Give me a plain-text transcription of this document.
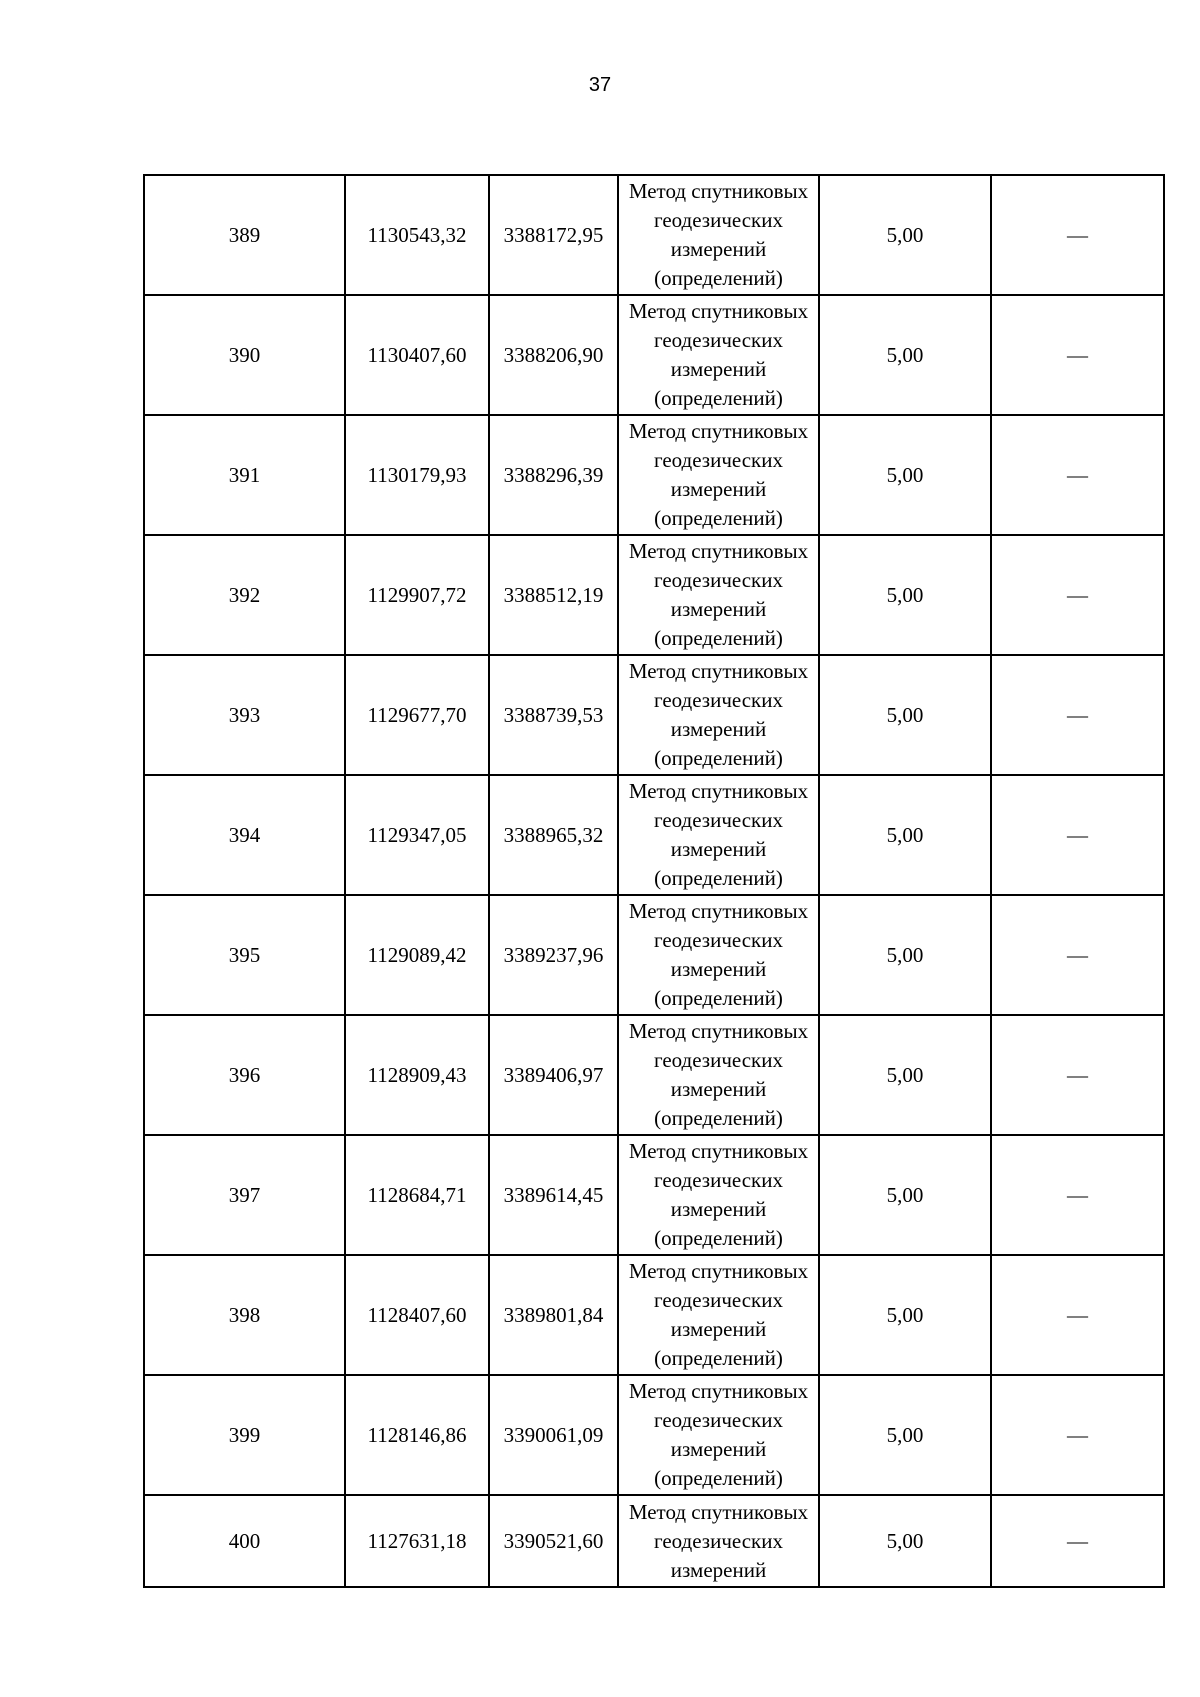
37
389	1130543,32	3388172,95	Метод спутниковых
геодезических
измерений
(определений)	5,00	—
390	1130407,60	3388206,90	Метод спутниковых
геодезических
измерений
(определений)	5,00	—
391	1130179,93	3388296,39	Метод спутниковых
геодезических
измерений
(определений)	5,00	—
392	1129907,72	3388512,19	Метод спутниковых
геодезических
измерений
(определений)	5,00	—
393	1129677,70	3388739,53	Метод спутниковых
геодезических
измерений
(определений)	5,00	—
394	1129347,05	3388965,32	Метод спутниковых
геодезических
измерений
(определений)	5,00	—
395	1129089,42	3389237,96	Метод спутниковых
геодезических
измерений
(определений)	5,00	—
396	1128909,43	3389406,97	Метод спутниковых
геодезических
измерений
(определений)	5,00	—
397	1128684,71	3389614,45	Метод спутниковых
геодезических
измерений
(определений)	5,00	—
398	1128407,60	3389801,84	Метод спутниковых
геодезических
измерений
(определений)	5,00	—
399	1128146,86	3390061,09	Метод спутниковых
геодезических
измерений
(определений)	5,00	—
400	1127631,18	3390521,60	Метод спутниковых
геодезических
измерений	5,00	—
